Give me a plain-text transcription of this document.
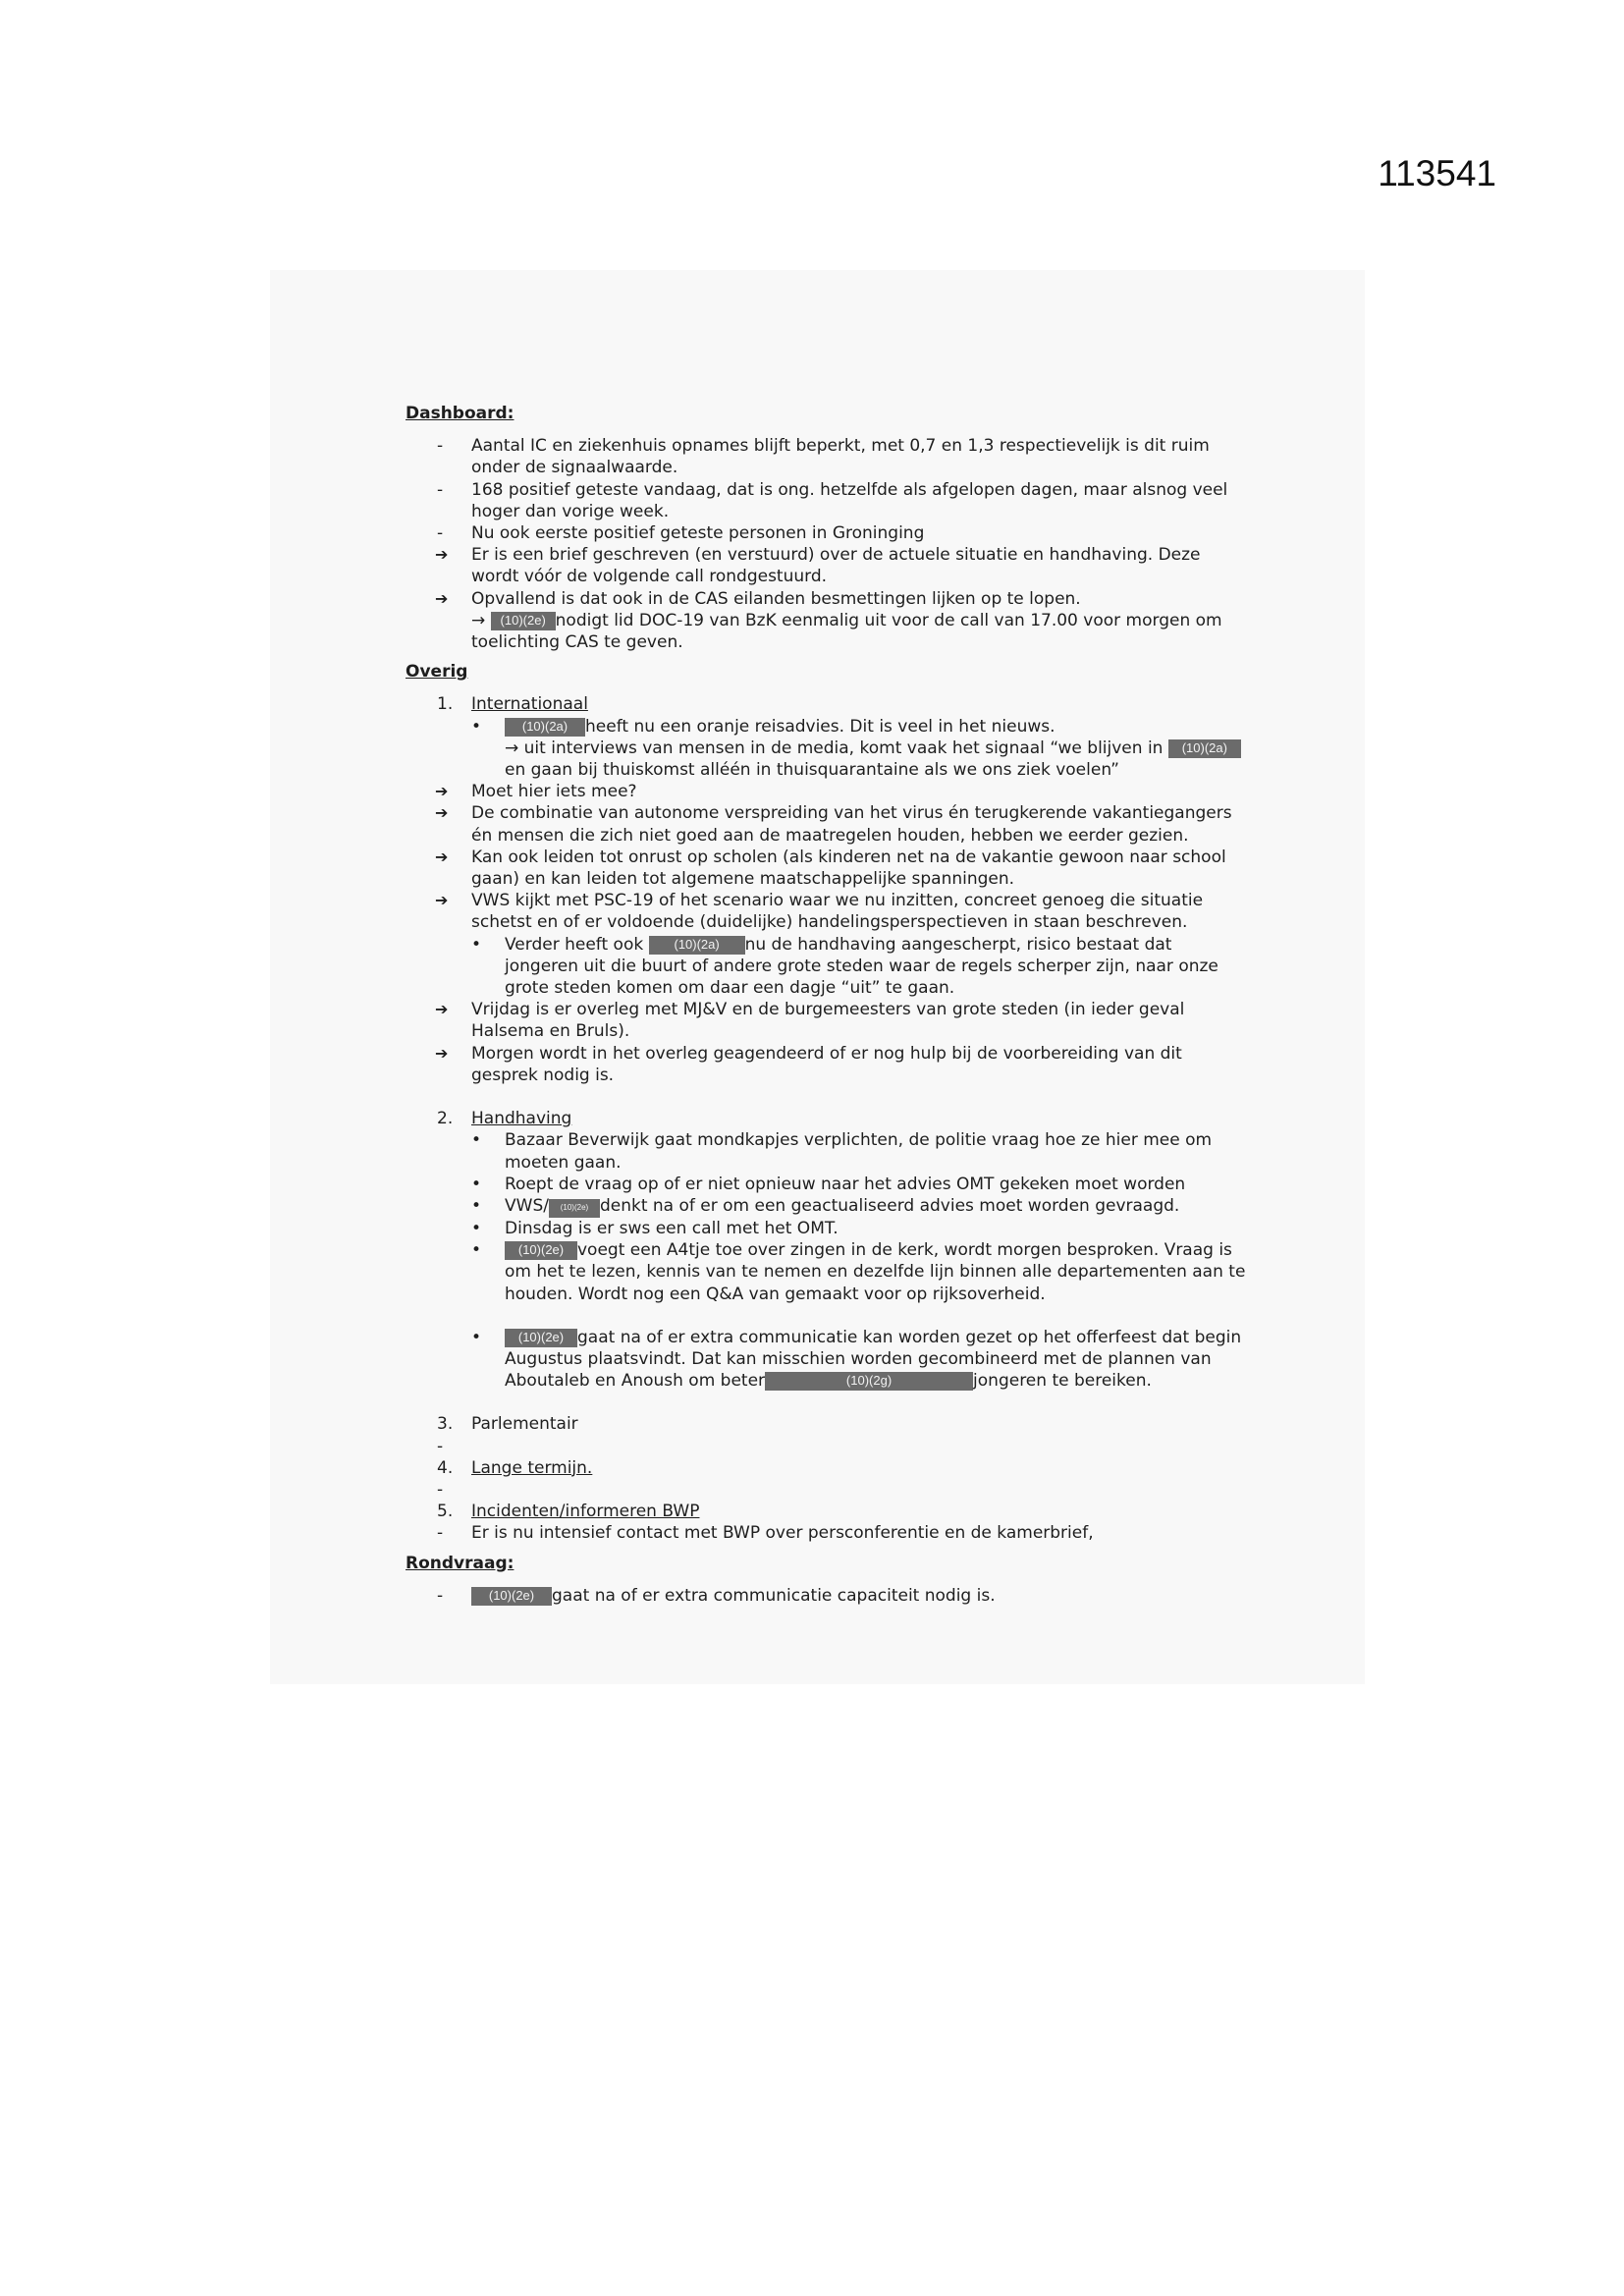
113541

Dashboard:

- Aantal IC en ziekenhuis opnames blijft beperkt, met 0,7 en 1,3 respectievelijk is dit ruim onder de signaalwaarde.
- 168 positief geteste vandaag, dat is ong. hetzelfde als afgelopen dagen, maar alsnog veel hoger dan vorige week.
- Nu ook eerste positief geteste personen in Groninging
➔ Er is een brief geschreven (en verstuurd) over de actuele situatie en handhaving. Deze wordt vóór de volgende call rondgestuurd.
➔ Opvallend is dat ook in de CAS eilanden besmettingen lijken op te lopen.
→ (10)(2e) nodigt lid DOC-19 van BzK eenmalig uit voor de call van 17.00 voor morgen om toelichting CAS te geven.

Overig

1. Internationaal
•	(10)(2a) heeft nu een oranje reisadvies. Dit is veel in het nieuws.
→ uit interviews van mensen in de media, komt vaak het signaal “we blijven in (10)(2a) en gaan bij thuiskomst alléén in thuisquarantaine als we ons ziek voelen”
➔ Moet hier iets mee?
➔ De combinatie van autonome verspreiding van het virus én terugkerende vakantiegangers én mensen die zich niet goed aan de maatregelen houden, hebben we eerder gezien.
➔ Kan ook leiden tot onrust op scholen (als kinderen net na de vakantie gewoon naar school gaan) en kan leiden tot algemene maatschappelijke spanningen.
➔ VWS kijkt met PSC-19 of het scenario waar we nu inzitten, concreet genoeg die situatie schetst en of er voldoende (duidelijke) handelingsperspectieven in staan beschreven.
• Verder heeft ook (10)(2a) nu de handhaving aangescherpt, risico bestaat dat jongeren uit die buurt of andere grote steden waar de regels scherper zijn, naar onze grote steden komen om daar een dagje “uit” te gaan.
➔ Vrijdag is er overleg met MJ&V en de burgemeesters van grote steden (in ieder geval Halsema en Bruls).
➔ Morgen wordt in het overleg geagendeerd of er nog hulp bij de voorbereiding van dit gesprek nodig is.
2. Handhaving
• Bazaar Beverwijk gaat mondkapjes verplichten, de politie vraag hoe ze hier mee om moeten gaan.
• Roept de vraag op of er niet opnieuw naar het advies OMT gekeken moet worden
• VWS/ (10)(2e) denkt na of er om een geactualiseerd advies moet worden gevraagd.
• Dinsdag is er sws een call met het OMT.
•	(10)(2e) voegt een A4tje toe over zingen in de kerk, wordt morgen besproken. Vraag is om het te lezen, kennis van te nemen en dezelfde lijn binnen alle departementen aan te houden. Wordt nog een Q&A van gemaakt voor op rijksoverheid.
•	(10)(2e) gaat na of er extra communicatie kan worden gezet op het offerfeest dat begin Augustus plaatsvindt. Dat kan misschien worden gecombineerd met de plannen van Aboutaleb en Anoush om beter	(10)(2g)	jongeren te bereiken.
3. Parlementair
-

4. Lange termijn.
-

5. Incidenten/informeren BWP
- Er is nu intensief contact met BWP over persconferentie en de kamerbrief,

Rondvraag:

-	(10)(2e) gaat na of er extra communicatie capaciteit nodig is.
